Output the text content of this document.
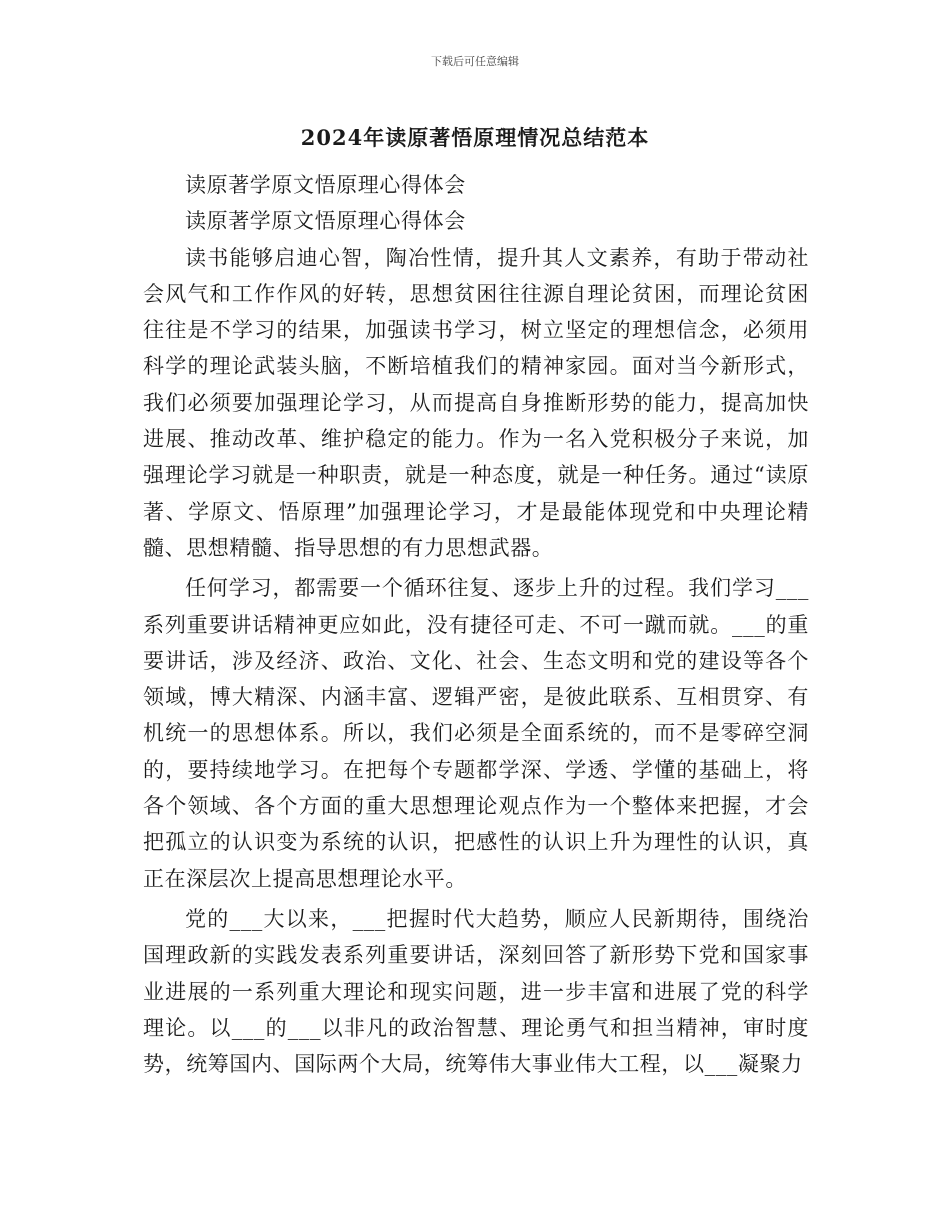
下载后可任意编辑
2024年读原著悟原理情况总结范本

读原著学原文悟原理心得体会

读原著学原文悟原理心得体会

读书能够启迪心智，陶冶性情，提升其人文素养，有助于带动社会风气和工作作风的好转，思想贫困往往源自理论贫困，而理论贫困往往是不学习的结果，加强读书学习，树立坚定的理想信念，必须用科学的理论武装头脑，不断培植我们的精神家园。面对当今新形式，我们必须要加强理论学习，从而提高自身推断形势的能力，提高加快进展、推动改革、维护稳定的能力。作为一名入党积极分子来说，加强理论学习就是一种职责，就是一种态度，就是一种任务。通过“读原著、学原文、悟原理”加强理论学习，才是最能体现党和中央理论精髓、思想精髓、指导思想的有力思想武器。

任何学习，都需要一个循环往复、逐步上升的过程。我们学习___系列重要讲话精神更应如此，没有捷径可走、不可一蹴而就。___的重要讲话，涉及经济、政治、文化、社会、生态文明和党的建设等各个领域，博大精深、内涵丰富、逻辑严密，是彼此联系、互相贯穿、有机统一的思想体系。所以，我们必须是全面系统的，而不是零碎空洞的，要持续地学习。在把每个专题都学深、学透、学懂的基础上，将各个领域、各个方面的重大思想理论观点作为一个整体来把握，才会把孤立的认识变为系统的认识，把感性的认识上升为理性的认识，真正在深层次上提高思想理论水平。

党的___大以来，___把握时代大趋势，顺应人民新期待，围绕治国理政新的实践发表系列重要讲话，深刻回答了新形势下党和国家事业进展的一系列重大理论和现实问题，进一步丰富和进展了党的科学理论。以___的___以非凡的政治智慧、理论勇气和担当精神，审时度势，统筹国内、国际两个大局，统筹伟大事业伟大工程，以___凝聚力
